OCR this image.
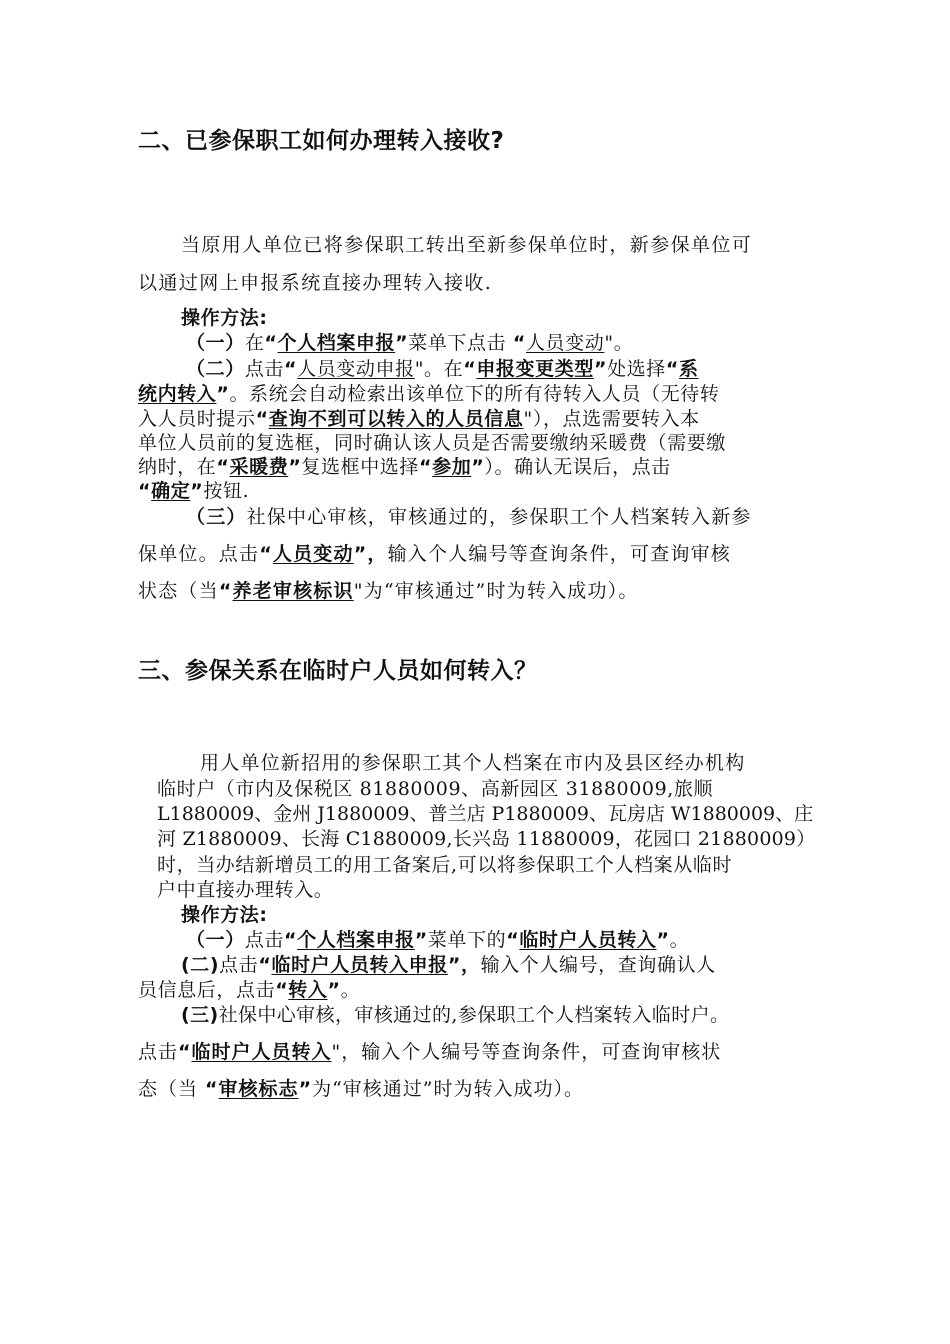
二、已参保职工如何办理转入接收?
当原用人单位已将参保职工转出至新参保单位时，新参保单位可
以通过网上申报系统直接办理转入接收.
操作方法:
（一）在“个人档案申报”菜单下点击 “人员变动"。
（二）点击“人员变动申报"。在“申报变更类型”处选择“系
统内转入”。系统会自动检索出该单位下的所有待转入人员（无待转
入人员时提示“查询不到可以转入的人员信息"），点选需要转入本
单位人员前的复选框，同时确认该人员是否需要缴纳采暖费（需要缴
纳时，在“采暖费”复选框中选择“参加”）。确认无误后，点击
“确定”按钮.
（三）社保中心审核，审核通过的，参保职工个人档案转入新参
保单位。点击“人员变动”，输入个人编号等查询条件，可查询审核
状态（当“养老审核标识"为“审核通过”时为转入成功）。
三、参保关系在临时户人员如何转入？
用人单位新招用的参保职工其个人档案在市内及县区经办机构
临时户（市内及保税区 81880009、高新园区 31880009,旅顺
L1880009、金州 J1880009、普兰店 P1880009、瓦房店 W1880009、庄
河 Z1880009、长海 C1880009,长兴岛 11880009，花园口 21880009）
时，当办结新增员工的用工备案后,可以将参保职工个人档案从临时
户中直接办理转入。
操作方法:
（一）点击“个人档案申报”菜单下的“临时户人员转入”。
(二)点击“临时户人员转入申报”，输入个人编号，查询确认人
员信息后，点击“转入”。
(三)社保中心审核，审核通过的,参保职工个人档案转入临时户。
点击“临时户人员转入"，输入个人编号等查询条件，可查询审核状
态（当 “审核标志”为“审核通过”时为转入成功）。
